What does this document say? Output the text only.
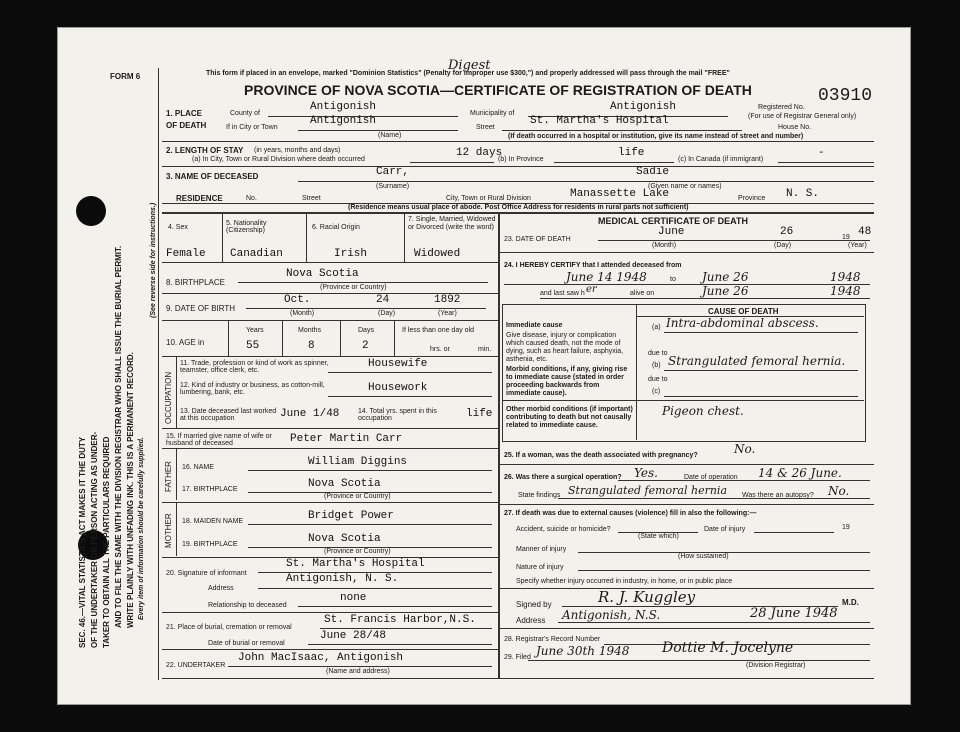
SEC. 46.—VITAL STATISTICS ACT MAKES IT THE DUTY OF THE UNDERTAKER OR PERSON ACTING AS UNDER- TAKER TO OBTAIN ALL THE PARTICULARS REQUIRED AND TO FILE THE SAME WITH THE DIVISION REGISTRAR WHO SHALL ISSUE THE BURIAL PERMIT. WRITE PLAINLY WITH UNFADING INK. THIS IS A PERMANENT RECORD. Every item of information should be carefully supplied.
(See reverse side for instructions.)
FORM 6	This form if placed in an envelope, marked "Dominion Statistics" (Penalty for improper use $300,") and properly addressed will pass through the mail "FREE"
Digest
PROVINCE OF NOVA SCOTIA—CERTIFICATE OF REGISTRATION OF DEATH	03910
Registered No.
(For use of Registrar General only)
1. PLACE OF DEATH
County of
Antigonish
Municipality of
Antigonish
If in City or Town
Antigonish
(Name)
Street
St. Martha's Hospital
House No.
(If death occurred in a hospital or institution, give its name instead of street and number)
2. LENGTH OF STAY (in years, months and days)
(a) In City, Town or Rural Division where death occurred
12 days
(b) In Province
life
(c) In Canada (if immigrant)
-
3. NAME OF DECEASED	Carr,	Sadie
(Surname)	(Given name or names)
RESIDENCE	No.	Street	City, Town or Rural Division	Manassette Lake	Province N. S.
(Residence means usual place of abode. Post Office Address for residents in rural parts not sufficient)
4. Sex
5. Nationality (Citizenship)	6. Racial Origin
7. Single, Married, Widowed or Divorced (write the word)
Female Canadian	Irish	Widowed
8. BIRTHPLACE
Nova Scotia
(Province or Country)
9. DATE OF BIRTH
Oct.	24	1892
(Month)	(Day)	(Year)
10. AGE in
Years	Months	Days	If less than one day old
55	8	2	hrs. or	min.
OCCUPATION
11. Trade, profession or kind of work as spinner, teamster, office clerk, etc.
Housewife
12. Kind of industry or business, as cotton-mill, lumbering, bank, etc.	Housework
13. Date deceased last worked at this occupation	June 1/48	14. Total yrs. spent in this occupation	life
15. If married give name of wife or husband of deceased	Peter Martin Carr
FATHER 16. NAME	William Diggins
17. BIRTHPLACE	Nova Scotia
(Province or Country)
MOTHER 18. MAIDEN NAME	Bridget Power
19. BIRTHPLACE	Nova Scotia
(Province or Country)
20. Signature of informant
St. Martha's Hospital
Address
Antigonish, N. S.
Relationship to deceased
none
21. Place of burial, cremation or removal
St. Francis Harbor,N.S.
Date of burial or removal
June 28/48
22. UNDERTAKER
John MacIsaac, Antigonish
(Name and address)
MEDICAL CERTIFICATE OF DEATH
23. DATE OF DEATH
June	26	19 48
(Month)	(Day)	(Year)
24. I HEREBY CERTIFY that I attended deceased from
June 14 1948	to June 26	1948
and last saw h er	alive on	June 26	1948
CAUSE OF DEATH
Immediate cause
Give disease, injury or complication which caused death, not the mode of dying, such as heart failure, asphyxia, asthenia, etc.
(a) Intra-abdominal abscess.
Morbid conditions, if any, giving rise to immediate cause (stated in order proceeding backwards from immediate cause).
due to
(b) Strangulated femoral hernia.
due to
(c)
Other morbid conditions (if important) contributing to death but not causally related to immediate cause.
Pigeon chest.
25. If a woman, was the death associated with pregnancy?	No.
26. Was there a surgical operation? Yes.	Date of operation 14 & 26 June.
State findings Strangulated femoral hernia Was there an autopsy? No.
27. If death was due to external causes (violence) fill in also the following:—
Accident, suicide or homicide?
(State which)
Date of injury	19
Manner of injury
(How sustained)
Nature of injury
Specify whether injury occurred in industry, in home, or in public place
Signed by	R. J. Kuggley	M.D.
Address Antigonish, N.S.	28 June 1948
28. Registrar's Record Number
29. Filed June 30th 1948 Dottie M. Jocelyne
(Division Registrar)
